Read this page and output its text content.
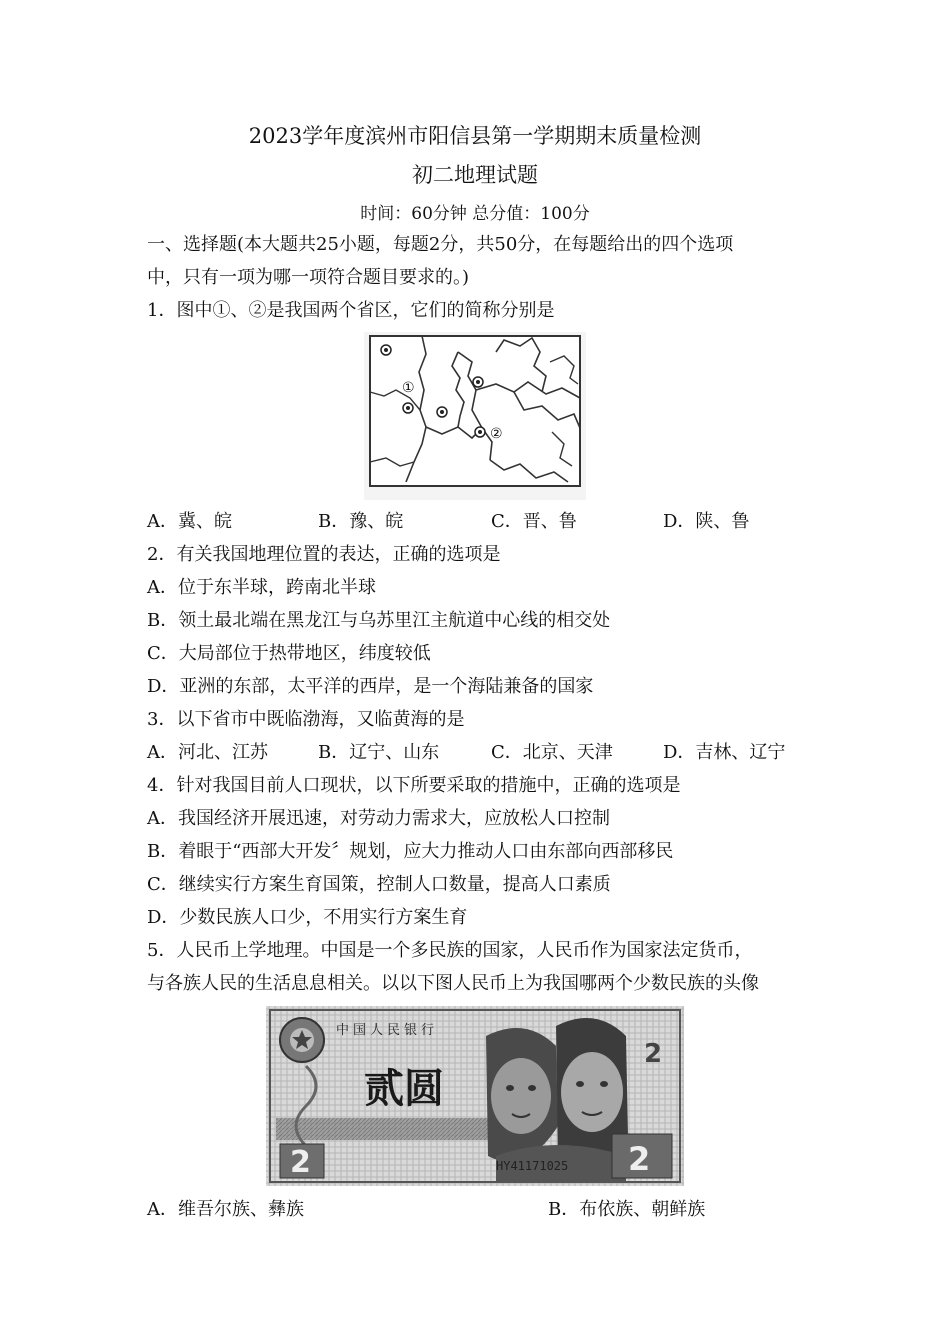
2023学年度滨州市阳信县第一学期期末质量检测
初二地理试题
时间：60分钟 总分值：100分
一、选择题(本大题共25小题，每题2分，共50分，在每题给出的四个选项
中，只有一项为哪一项符合题目要求的。)
1．图中①、②是我国两个省区，它们的简称分别是
①
②
A．冀、皖	B．豫、皖	C．晋、鲁	D．陕、鲁
2．有关我国地理位置的表达，正确的选项是
A．位于东半球，跨南北半球
B．领土最北端在黑龙江与乌苏里江主航道中心线的相交处
C．大局部位于热带地区，纬度较低
D．亚洲的东部，太平洋的西岸，是一个海陆兼备的国家
3．以下省市中既临渤海，又临黄海的是
A．河北、江苏	B．辽宁、山东	C．北京、天津	D．吉林、辽宁
4．针对我国目前人口现状，以下所要采取的措施中，正确的选项是
A．我国经济开展迅速，对劳动力需求大，应放松人口控制
B．着眼于“西部大开发〞规划，应大力推动人口由东部向西部移民
C．继续实行方案生育国策，控制人口数量，提高人口素质
D．少数民族人口少，不用实行方案生育
5．人民币上学地理。中国是一个多民族的国家，人民币作为国家法定货币，
与各族人民的生活息息相关。以以下图人民币上为我国哪两个少数民族的头像
中国人民银行
贰圆
2
2
HY41171025 2
A．维吾尔族、彝族	B．布依族、朝鲜族
